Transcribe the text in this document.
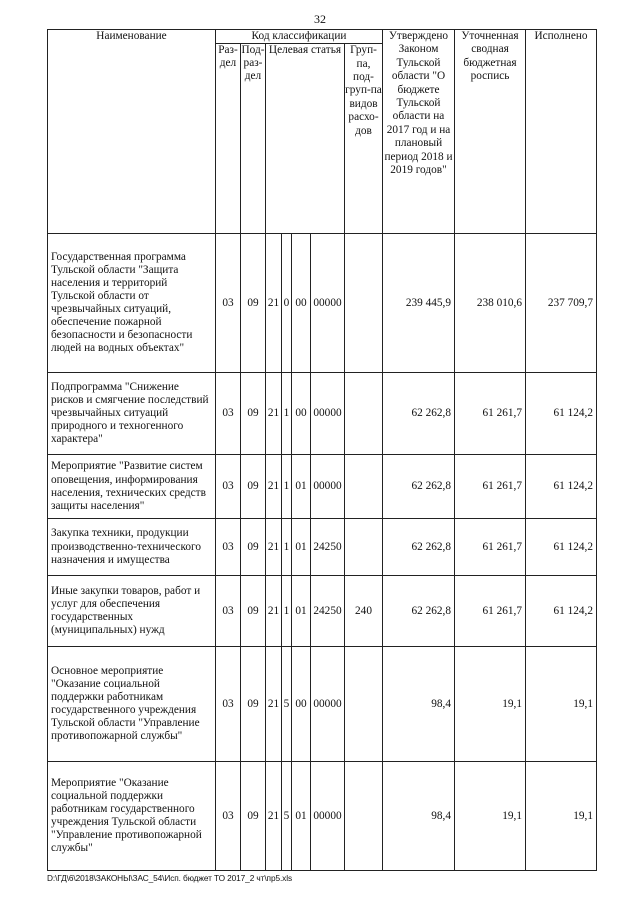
32
Наименование	Код классификации							Утверждено Законом Тульской области "О бюджете Тульской области на 2017 год и на плановый период 2018 и 2019 годов"	Уточненная сводная бюджетная роспись	Исполнено
	Раз-дел	Под-раз-дел	Целевая статья				Груп-па, под-груп-па видов расхо-дов			
Государственная программа Тульской области "Защита населения и территорий Тульской области от чрезвычайных ситуаций, обеспечение пожарной безопасности и безопасности людей на водных объектах"	03	09	21	0	00	00000		239 445,9	238 010,6	237 709,7
Подпрограмма "Снижение рисков и смягчение последствий чрезвычайных ситуаций природного и техногенного характера"	03	09	21	1	00	00000		62 262,8	61 261,7	61 124,2
Мероприятие "Развитие систем оповещения, информирования населения, технических средств защиты населения"	03	09	21	1	01	00000		62 262,8	61 261,7	61 124,2
Закупка техники, продукции производственно-технического назначения и имущества	03	09	21	1	01	24250		62 262,8	61 261,7	61 124,2
Иные закупки товаров, работ и услуг для обеспечения государственных (муниципальных) нужд	03	09	21	1	01	24250	240	62 262,8	61 261,7	61 124,2
Основное мероприятие "Оказание социальной поддержки работникам государственного учреждения Тульской области "Управление противопожарной службы"	03	09	21	5	00	00000		98,4	19,1	19,1
Мероприятие "Оказание социальной поддержки работникам государственного учреждения Тульской области "Управление противопожарной службы"	03	09	21	5	01	00000		98,4	19,1	19,1
D:\ГД\6\2018\ЗАКОНЫ\ЗАС_54\Исп. бюджет ТО 2017_2 чт\пр5.xls
